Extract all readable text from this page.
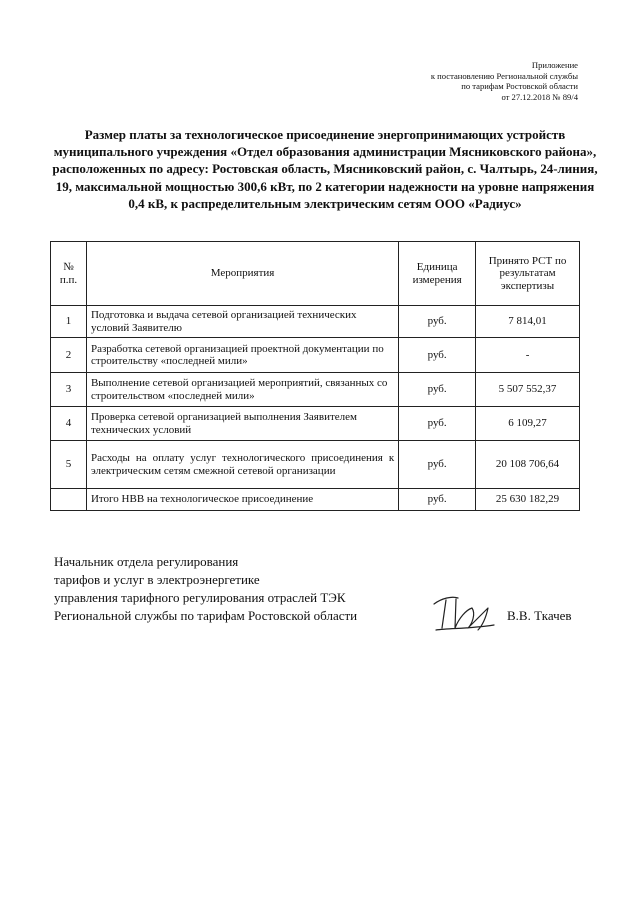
Приложение
к постановлению Региональной службы
по тарифам Ростовской области
от 27.12.2018 № 89/4
Размер платы за технологическое присоединение энергопринимающих устройств муниципального учреждения «Отдел образования администрации Мясниковского района», расположенных по адресу: Ростовская область, Мясниковский район, с. Чалтырь, 24-линия, 19, максимальной мощностью 300,6 кВт, по 2 категории надежности на уровне напряжения 0,4 кВ, к распределительным электрическим сетям ООО «Радиус»
№ п.п.	Мероприятия	Единица измерения	Принято РСТ по результатам экспертизы
1	Подготовка и выдача сетевой организацией технических условий Заявителю	руб.	7 814,01
2	Разработка сетевой организацией проектной документации по строительству «последней мили»	руб.	-
3	Выполнение сетевой организацией мероприятий, связанных со строительством «последней мили»	руб.	5 507 552,37
4	Проверка сетевой организацией выполнения Заявителем технических условий	руб.	6 109,27
5	Расходы на оплату услуг технологического присоединения к электрическим сетям смежной сетевой организации	руб.	20 108 706,64
	Итого НВВ на технологическое присоединение	руб.	25 630 182,29
Начальник отдела регулирования
тарифов и услуг в электроэнергетике
управления тарифного регулирования отраслей ТЭК
Региональной службы по тарифам Ростовской области	В.В. Ткачев
